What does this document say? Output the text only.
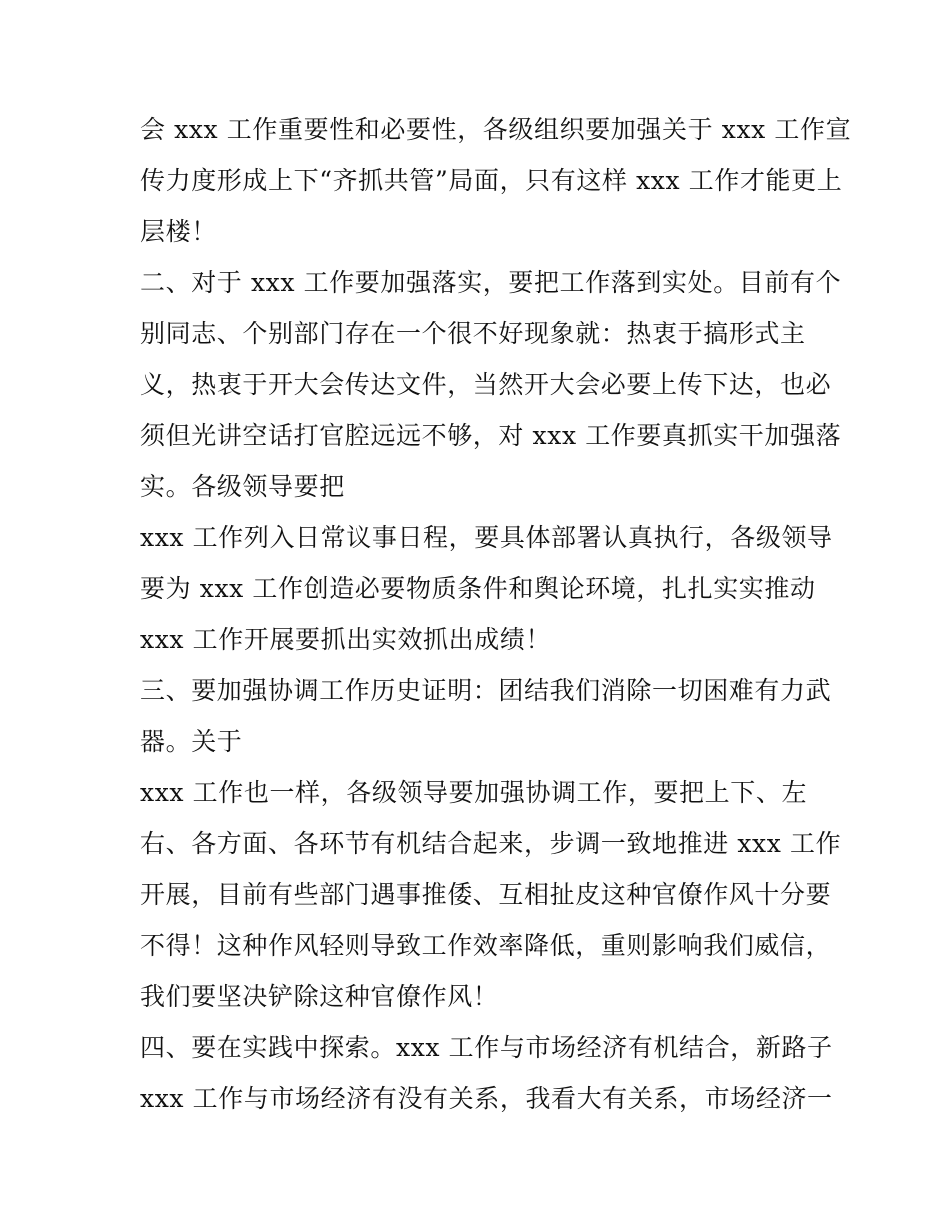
会 xxx 工作重要性和必要性，各级组织要加强关于 xxx 工作宣
传力度形成上下“齐抓共管”局面，只有这样 xxx 工作才能更上
层楼！
二、对于 xxx 工作要加强落实，要把工作落到实处。目前有个
别同志、个别部门存在一个很不好现象就：热衷于搞形式主
义，热衷于开大会传达文件，当然开大会必要上传下达，也必
须但光讲空话打官腔远远不够，对 xxx 工作要真抓实干加强落
实。各级领导要把
xxx 工作列入日常议事日程，要具体部署认真执行，各级领导
要为 xxx 工作创造必要物质条件和舆论环境，扎扎实实推动
xxx 工作开展要抓出实效抓出成绩！
三、要加强协调工作历史证明：团结我们消除一切困难有力武
器。关于
xxx 工作也一样，各级领导要加强协调工作，要把上下、左
右、各方面、各环节有机结合起来，步调一致地推进 xxx 工作
开展，目前有些部门遇事推倭、互相扯皮这种官僚作风十分要
不得！这种作风轻则导致工作效率降低，重则影响我们威信，
我们要坚决铲除这种官僚作风！
四、要在实践中探索。xxx 工作与市场经济有机结合，新路子
xxx 工作与市场经济有没有关系，我看大有关系，市场经济一
